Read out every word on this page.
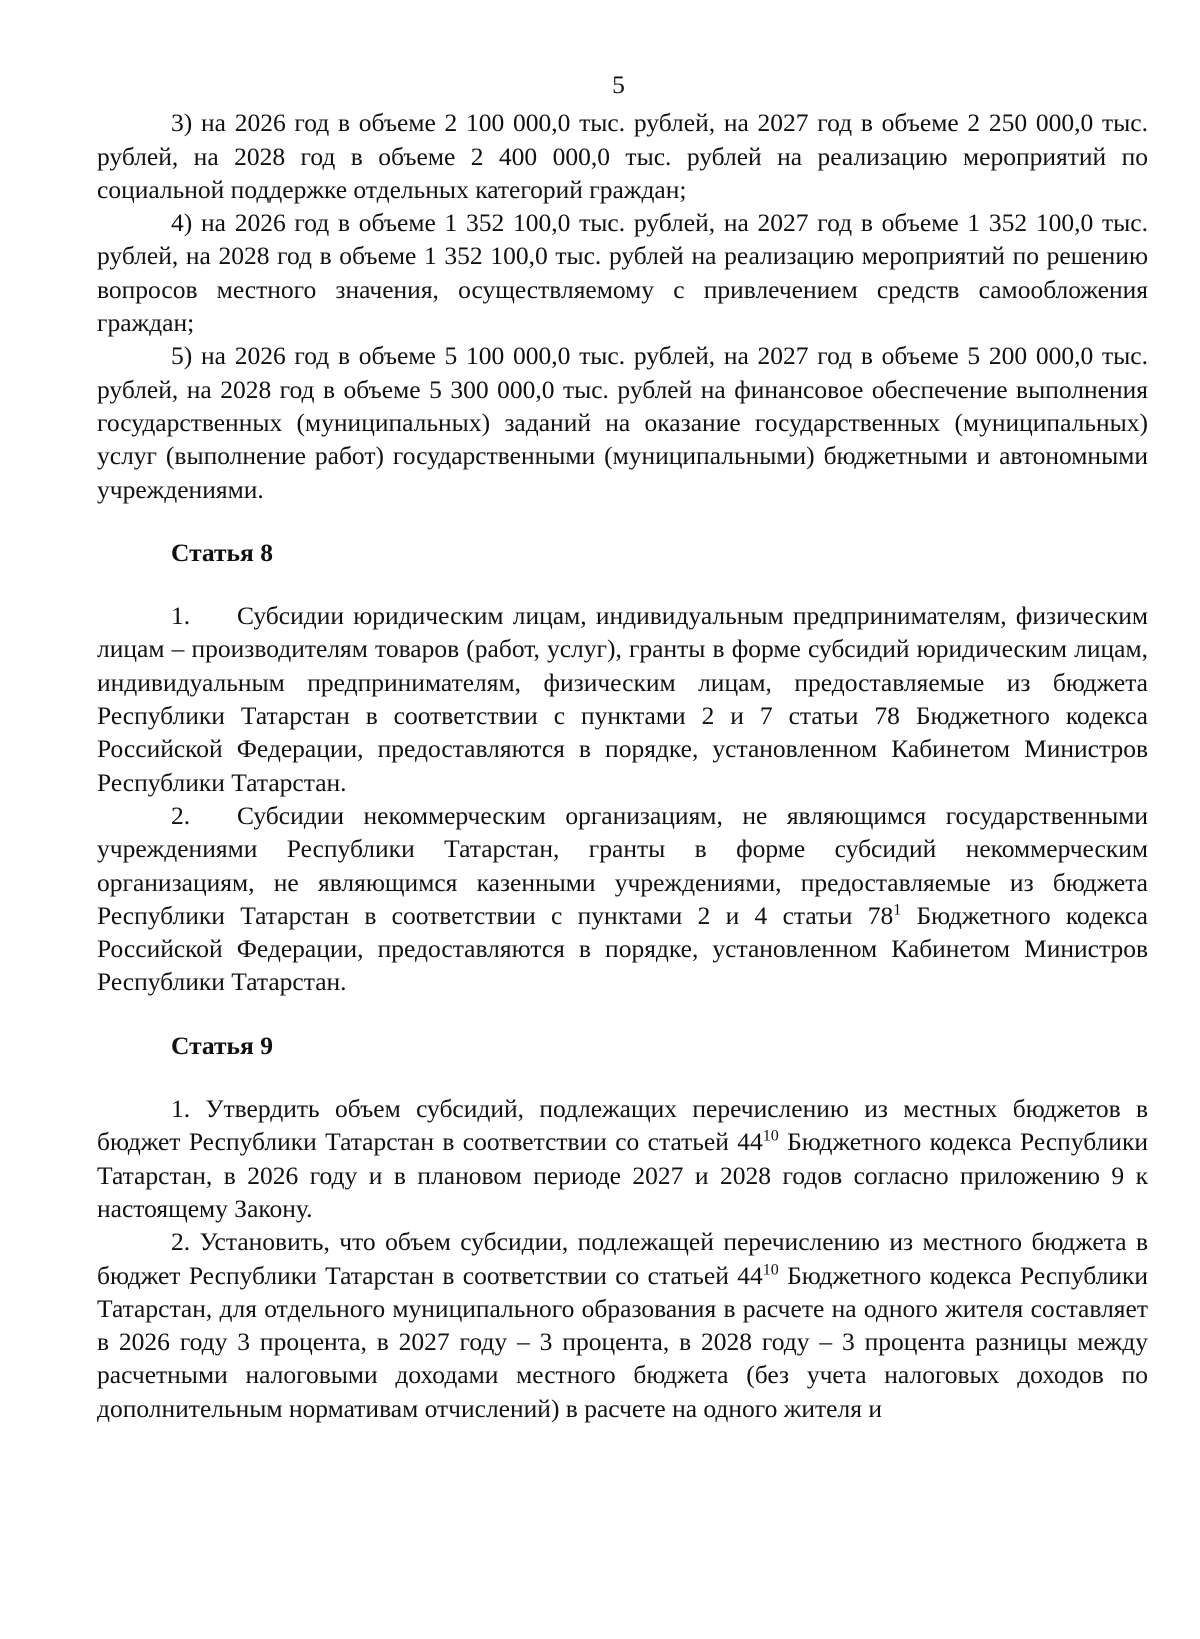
5

3) на 2026 год в объеме 2 100 000,0 тыс. рублей, на 2027 год в объеме 2 250 000,0 тыс. рублей, на 2028 год в объеме 2 400 000,0 тыс. рублей на реализацию мероприятий по социальной поддержке отдельных категорий граждан;

4) на 2026 год в объеме 1 352 100,0 тыс. рублей, на 2027 год в объеме 1 352 100,0 тыс. рублей, на 2028 год в объеме 1 352 100,0 тыс. рублей на реализацию мероприятий по решению вопросов местного значения, осуществляемому с привлечением средств самообложения граждан;

5) на 2026 год в объеме 5 100 000,0 тыс. рублей, на 2027 год в объеме 5 200 000,0 тыс. рублей, на 2028 год в объеме 5 300 000,0 тыс. рублей на финансовое обеспечение выполнения государственных (муниципальных) заданий на оказание государственных (муниципальных) услуг (выполнение работ) государственными (муниципальными) бюджетными и автономными учреждениями.

Статья 8

1. Субсидии юридическим лицам, индивидуальным предпринимателям, физическим лицам – производителям товаров (работ, услуг), гранты в форме субсидий юридическим лицам, индивидуальным предпринимателям, физическим лицам, предоставляемые из бюджета Республики Татарстан в соответствии с пунктами 2 и 7 статьи 78 Бюджетного кодекса Российской Федерации, предоставляются в порядке, установленном Кабинетом Министров Республики Татарстан.

2. Субсидии некоммерческим организациям, не являющимся государственными учреждениями Республики Татарстан, гранты в форме субсидий некоммерческим организациям, не являющимся казенными учреждениями, предоставляемые из бюджета Республики Татарстан в соответствии с пунктами 2 и 4 статьи $78^1$ Бюджетного кодекса Российской Федерации, предоставляются в порядке, установленном Кабинетом Министров Республики Татарстан.

Статья 9

1. Утвердить объем субсидий, подлежащих перечислению из местных бюджетов в бюджет Республики Татарстан в соответствии со статьей $44^{10}$ Бюджетного кодекса Республики Татарстан, в 2026 году и в плановом периоде 2027 и 2028 годов согласно приложению 9 к настоящему Закону.

2. Установить, что объем субсидии, подлежащей перечислению из местного бюджета в бюджет Республики Татарстан в соответствии со статьей $44^{10}$ Бюджетного кодекса Республики Татарстан, для отдельного муниципального образования в расчете на одного жителя составляет в 2026 году 3 процента, в 2027 году – 3 процента, в 2028 году – 3 процента разницы между расчетными налоговыми доходами местного бюджета (без учета налоговых доходов по дополнительным нормативам отчислений) в расчете на одного жителя и
